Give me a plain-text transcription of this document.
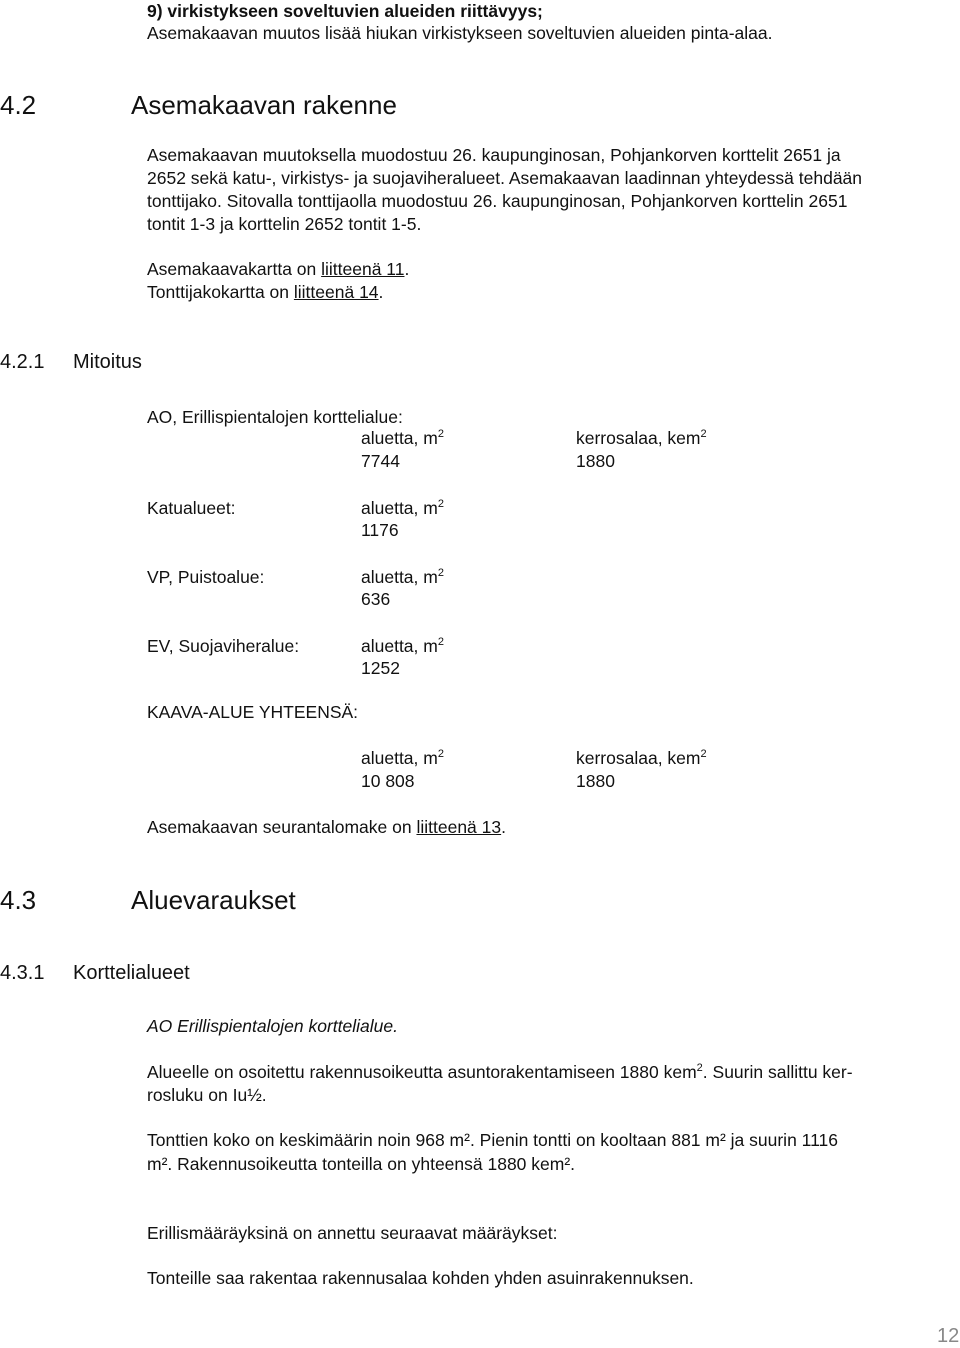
9) virkistykseen soveltuvien alueiden riittävyys;
Asemakaavan muutos lisää hiukan virkistykseen soveltuvien alueiden pinta-alaa.
4.2	Asemakaavan rakenne
Asemakaavan muutoksella muodostuu 26. kaupunginosan, Pohjankorven korttelit 2651 ja
2652 sekä katu-, virkistys- ja suojaviheralueet. Asemakaavan laadinnan yhteydessä tehdään
tonttijako. Sitovalla tonttijaolla muodostuu 26. kaupunginosan, Pohjankorven korttelin 2651
tontit 1-3 ja korttelin 2652 tontit 1-5.
Asemakaavakartta on liitteenä 11.
Tonttijakokartta on liitteenä 14.
4.2.1 Mitoitus
AO, Erillispientalojen korttelialue:
aluetta, $m^2$	kerrosalaa, kem$^2$
7744	1880
Katualueet:	aluetta, $m^2$
1176
VP, Puistoalue:	aluetta, $m^2$
636
EV, Suojaviheralue:	aluetta, $m^2$
1252
KAAVA-ALUE YHTEENSÄ:
aluetta, $m^2$	kerrosalaa, kem$^2$
10 808	1880
Asemakaavan seurantalomake on liitteenä 13.
4.3	Aluevaraukset
4.3.1 Korttelialueet
AO Erillispientalojen korttelialue.
Alueelle on osoitettu rakennusoikeutta asuntorakentamiseen 1880 kem$^2$. Suurin sallittu ker-
rosluku on Iu½.
Tonttien koko on keskimäärin noin 968 m². Pienin tontti on kooltaan 881 m² ja suurin 1116
m². Rakennusoikeutta tonteilla on yhteensä 1880 kem².
Erillismääräyksinä on annettu seuraavat määräykset:
Tonteille saa rakentaa rakennusalaa kohden yhden asuinrakennuksen.
12
